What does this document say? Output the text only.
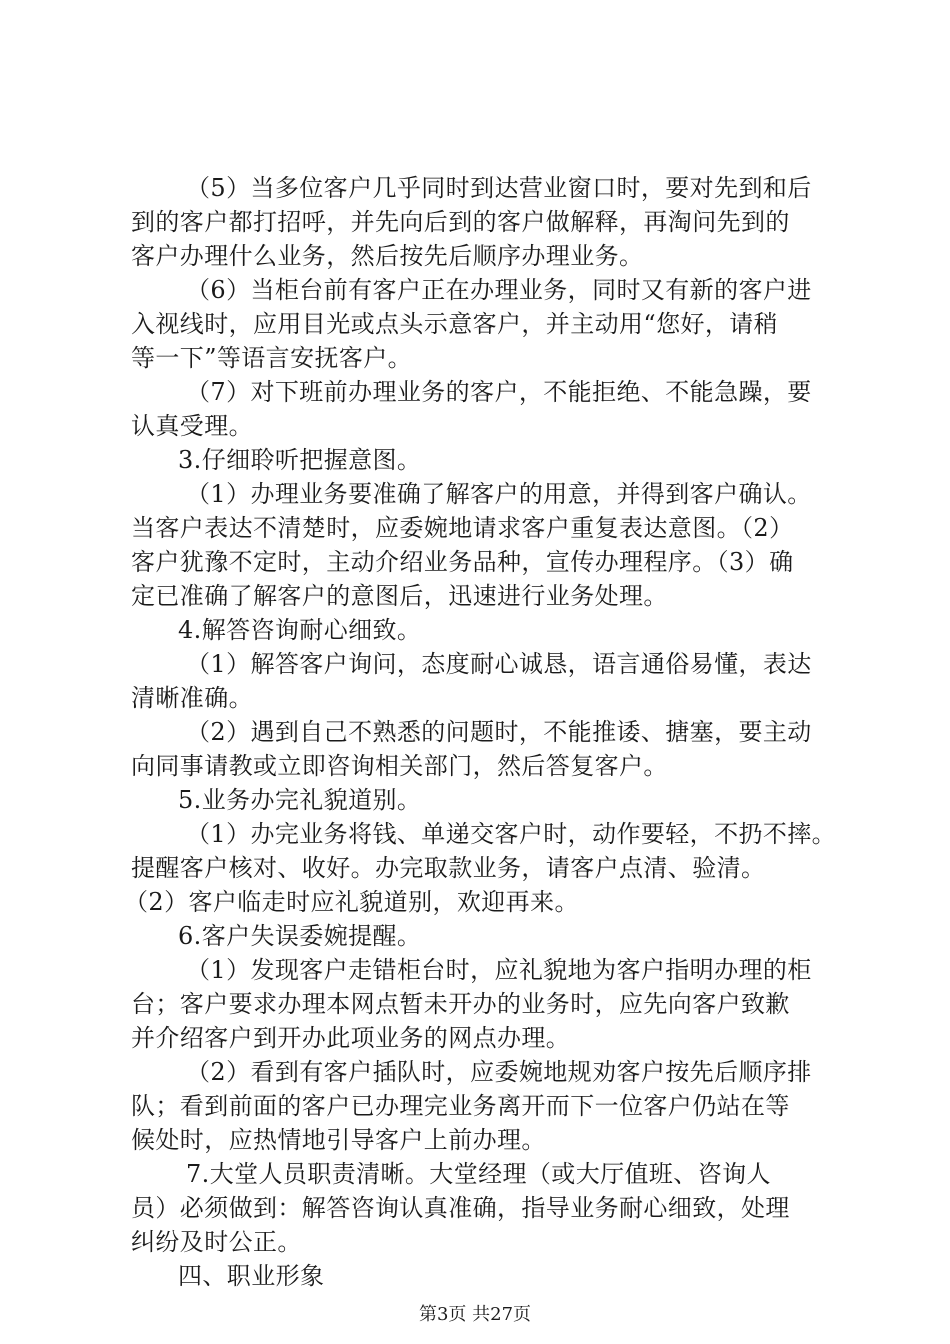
（5）当多位客户几乎同时到达营业窗口时，要对先到和后
到的客户都打招呼，并先向后到的客户做解释，再淘问先到的
客户办理什么业务，然后按先后顺序办理业务。
（6）当柜台前有客户正在办理业务，同时又有新的客户进
入视线时，应用目光或点头示意客户，并主动用“您好，请稍
等一下”等语言安抚客户。
（7）对下班前办理业务的客户，不能拒绝、不能急躁，要
认真受理。
3.仔细聆听把握意图。
（1）办理业务要准确了解客户的用意，并得到客户确认。
当客户表达不清楚时，应委婉地请求客户重复表达意图。（2）
客户犹豫不定时，主动介绍业务品种，宣传办理程序。（3）确
定已准确了解客户的意图后，迅速进行业务处理。
4.解答咨询耐心细致。
（1）解答客户询问，态度耐心诚恳，语言通俗易懂，表达
清晰准确。
（2）遇到自己不熟悉的问题时，不能推诿、搪塞，要主动
向同事请教或立即咨询相关部门，然后答复客户。
5.业务办完礼貌道别。
（1）办完业务将钱、单递交客户时，动作要轻，不扔不摔。
提醒客户核对、收好。办完取款业务，请客户点清、验清。
（2）客户临走时应礼貌道别，欢迎再来。
6.客户失误委婉提醒。
（1）发现客户走错柜台时，应礼貌地为客户指明办理的柜
台；客户要求办理本网点暂未开办的业务时，应先向客户致歉
并介绍客户到开办此项业务的网点办理。
（2）看到有客户插队时，应委婉地规劝客户按先后顺序排
队；看到前面的客户已办理完业务离开而下一位客户仍站在等
候处时，应热情地引导客户上前办理。
7.大堂人员职责清晰。大堂经理（或大厅值班、咨询人
员）必须做到：解答咨询认真准确，指导业务耐心细致，处理
纠纷及时公正。
四、职业形象
第3页 共27页
